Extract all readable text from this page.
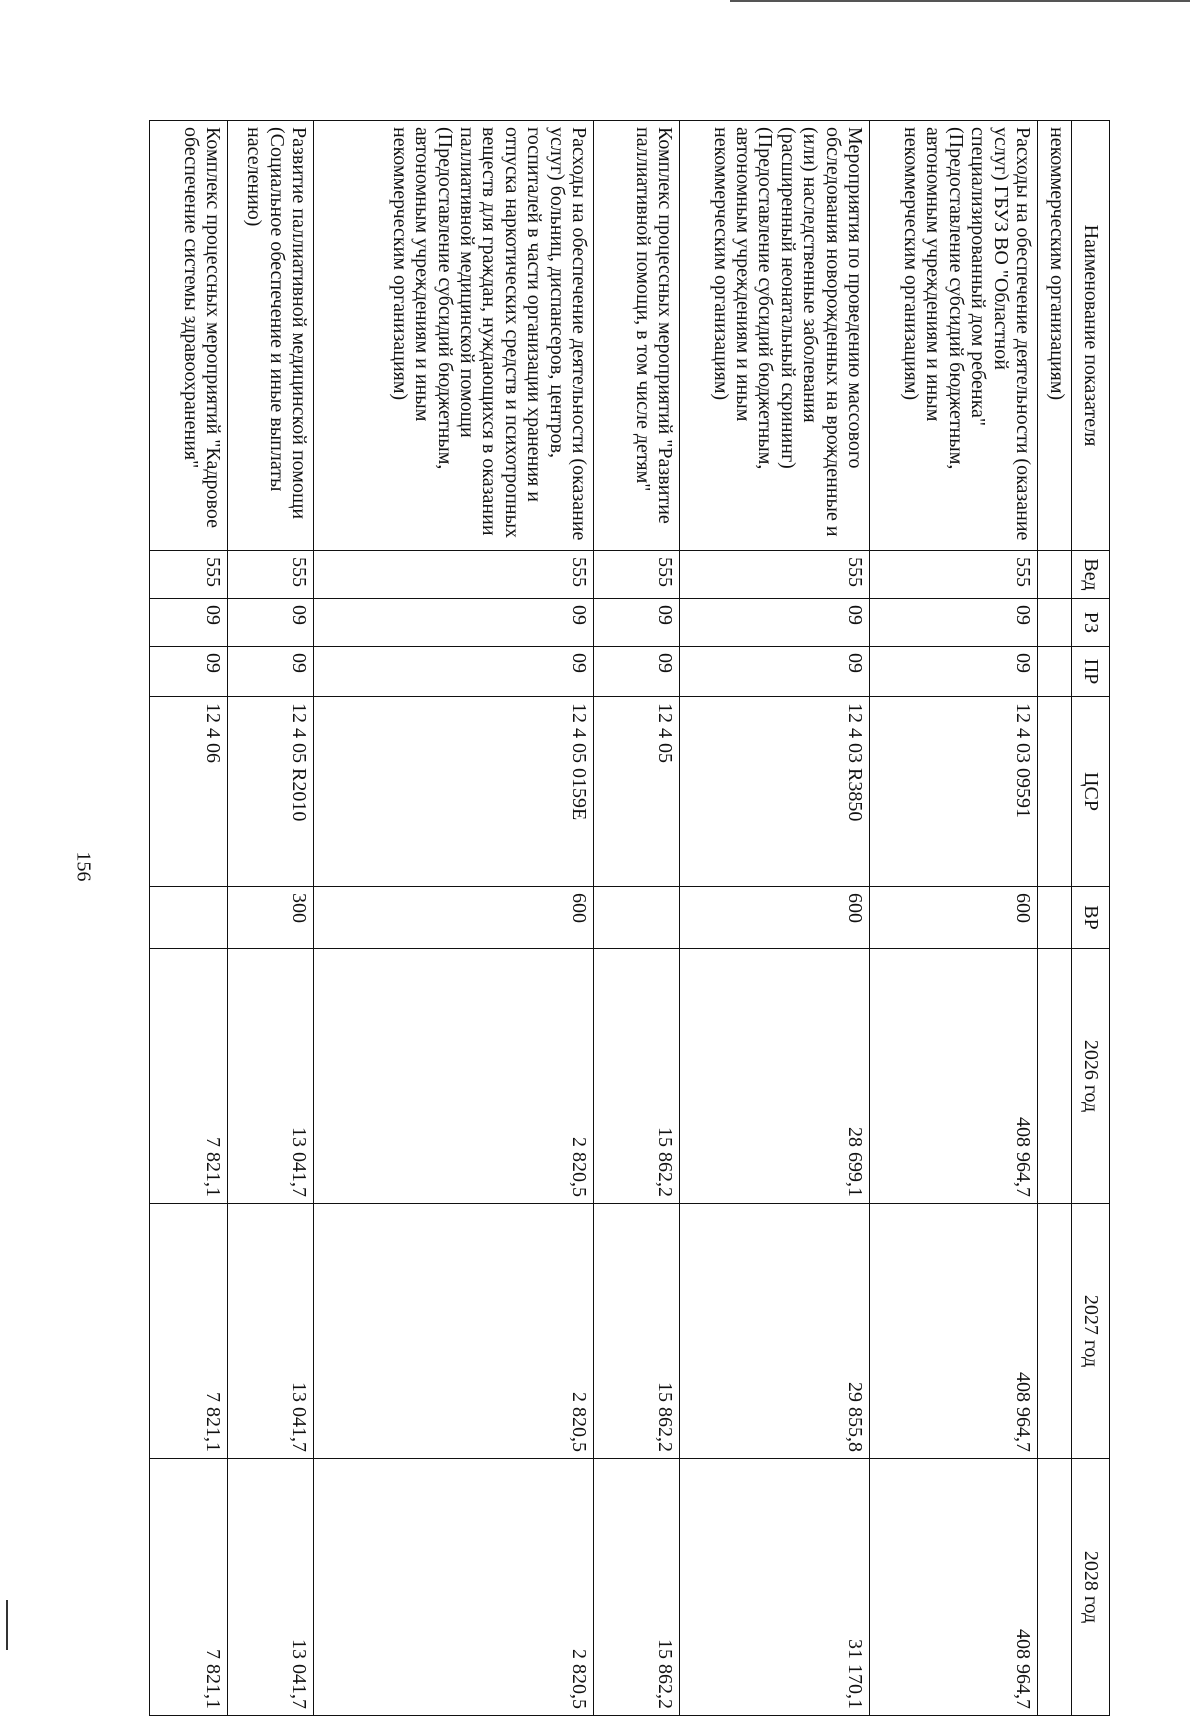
156
Наименование показателя	Вед	РЗ	ПР	ЦСР	ВР	2026 год	2027 год	2028 год
некоммерческим организациям)								
Расходы на обеспечение деятельности (оказание услуг) ГБУЗ ВО "Областной специализированный дом ребенка" (Предоставление субсидий бюджетным, автономным учреждениям и иным некоммерческим организациям)	555	09	09	12 4 03 09591	600	408 964,7	408 964,7	408 964,7
Мероприятия по проведению массового обследования новорожденных на врожденные и (или) наследственные заболевания (расширенный неонатальный скрининг) (Предоставление субсидий бюджетным, автономным учреждениям и иным некоммерческим организациям)	555	09	09	12 4 03 R3850	600	28 699,1	29 855,8	31 170,1
Комплекс процессных мероприятий "Развитие паллиативной помощи, в том числе детям"	555	09	09	12 4 05		15 862,2	15 862,2	15 862,2
Расходы на обеспечение деятельности (оказание услуг) больниц, диспансеров, центров, госпиталей в части организации хранения и отпуска наркотических средств и психотропных веществ для граждан, нуждающихся в оказании паллиативной медицинской помощи (Предоставление субсидий бюджетным, автономным учреждениям и иным некоммерческим организациям)	555	09	09	12 4 05 0159E	600	2 820,5	2 820,5	2 820,5
Развитие паллиативной медицинской помощи (Социальное обеспечение и иные выплаты населению)	555	09	09	12 4 05 R2010	300	13 041,7	13 041,7	13 041,7
Комплекс процессных мероприятий "Кадровое обеспечение системы здравоохранения"	555	09	09	12 4 06		7 821,1	7 821,1	7 821,1
